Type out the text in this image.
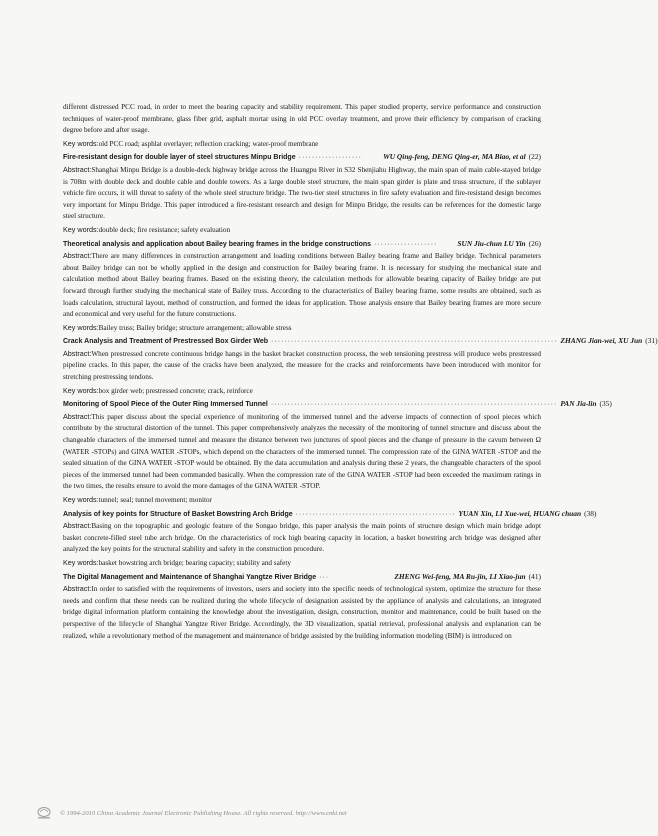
different distressed PCC road, in order to meet the bearing capacity and stability requirement. This paper studied property, service performance and construction techniques of water-proof membrane, glass fiber grid, asphalt mortar using in old PCC overlay treatment, and prove their efficiency by comparison of cracking degree before and after usage.

Key words:old PCC road; asphlat overlayer; reflection cracking; water-proof membrane

Fire-resistant design for double layer of steel structures Minpu Bridge ···················	WU Qing-feng, DENG Qing-er, MA Biao, et al (22)

Abstract:Shanghai Minpu Bridge is a double-deck highway bridge across the Huangpu River in S32 Shenjiahu Highway, the main span of main cable-stayed bridge is 708m with double deck and double cable and double towers. As a large double steel structure, the main span girder is plate and truss structure, if the sublayer vehicle fire occurs, it will threat to safety of the whole steel structure bridge. The two-tier steel structures in fire safety evaluation and fire-resistand design becomes very important for Minpu Bridge. This paper introduced a fire-resistant research and design for Minpu Bridge, the results can be references for the domestic large steel structure.

Key words:double deck; fire resistance; safety evaluation

Theoretical analysis and application about Bailey bearing frames in the bridge constructions ···················	SUN Jiu-chun LU Yin (26)

Abstract:There are many differences in construction arrangement and loading conditions between Bailey bearing frame and Bailey bridge. Technical parameters about Bailey bridge can not be wholly applied in the design and construction for Bailey bearing frame. It is necessary for studying the mechanical state and calculation method about Bailey bearing frames. Based on the existing theory, the calculation methods for allowable bearing capacity of Bailey bridge are put forward through further studying the mechanical state of Bailey truss. According to the characteristics of Bailey bearing frame, some results are obtained, such as loads calculation, structural layout, method of construction, and formed the ideas for application. Those analysis ensure that Bailey bearing frames are more secure and economical and very useful for the future constructions.

Key words:Bailey truss; Bailey bridge; structure arrangement; allowable stress

Crack Analysis and Treatment of Prestressed Box Girder Web ······················································································ ZHANG Jian-wei, XU Jun (31)

Abstract:When prestressed concrete continuous bridge hangs in the basket bracket construction process, the web tensioning prestress will produce webs prestressed pipeline cracks. In this paper, the cause of the cracks have been analyzed, the measure for the cracks and reinforcements have been introduced with monitor for stretching prestressing tendons.

Key words:box girder web; prestressed concrete; crack, reinforce

Monitoring of Spool Piece of the Outer Ring Immersed Tunnel ······················································································ PAN Jia-lin (35)

Abstract:This paper discuss about the special experience of monitoring of the immersed tunnel and the adverse impacts of connection of spool pieces which contribute by the structural distortion of the tunnel. This paper comprehensively analyzes the necessity of the monitoring of tunnel structure and discuss about the changeable characters of the immersed tunnel and measure the distance between two junctures of spool pieces and the change of pressure in the cavum between Ω (WATER -STOPs) and GINA WATER -STOPs, which depend on the characters of the immersed tunnel. The compression rate of the GINA WATER -STOP and the sealed situation of the GINA WATER -STOP would be obtained. By the data accumulation and analysis during these 2 years, the changeable characters of the spool pieces of the immersed tunnel had been commanded basically. When the compression rate of the GINA WATER -STOP had been exceeded the maximum ratings in the two times, the results ensure to avoid the more damages of the GINA WATER -STOP.

Key words:tunnel; seal; tunnel movement; monitor

Analysis of key points for Structure of Basket Bowstring Arch Bridge ················································ YUAN Xin, LI Xue-wei, HUANG chuan (38)

Abstract:Basing on the topographic and geologic feature of the Songao bridge, this paper analysis the main points of structure design which main bridge adopt basket concrete-filled steel tube arch bridge. On the characteristics of rock high bearing capacity in location, a basket bowstring arch bridge was designed after analyzed the key points for the structural stability and safety in the construction procedure.

Key words:basket bowstring arch bridge; bearing capacity; stability and safety

The Digital Management and Maintenance of Shanghai Yangtze River Bridge ···	ZHENG Wei-feng, MA Ru-jin, LI Xiao-jun (41)

Abstract:In order to satisfied with the requirements of investors, users and society into the specific needs of technological system, optimize the structure for these needs and confirm that these needs can be realized during the whole lifecycle of designation assisted by the appliance of analysis and calculations, an integrated bridge digital information platform containing the knowledge about the investigation, design, construction, monitor and maintenance, could be built based on the perspective of the lifecycle of Shanghai Yangtze River Bridge. Accordingly, the 3D visualization, spatial retrieval, professional analysis and explanation can be realized, while a revolutionary method of the management and maintenance of bridge assisted by the building information modeling (BIM) is introduced on

© 1994-2010 China Academic Journal Electronic Publishing House. All rights reserved. http://www.cnki.net
